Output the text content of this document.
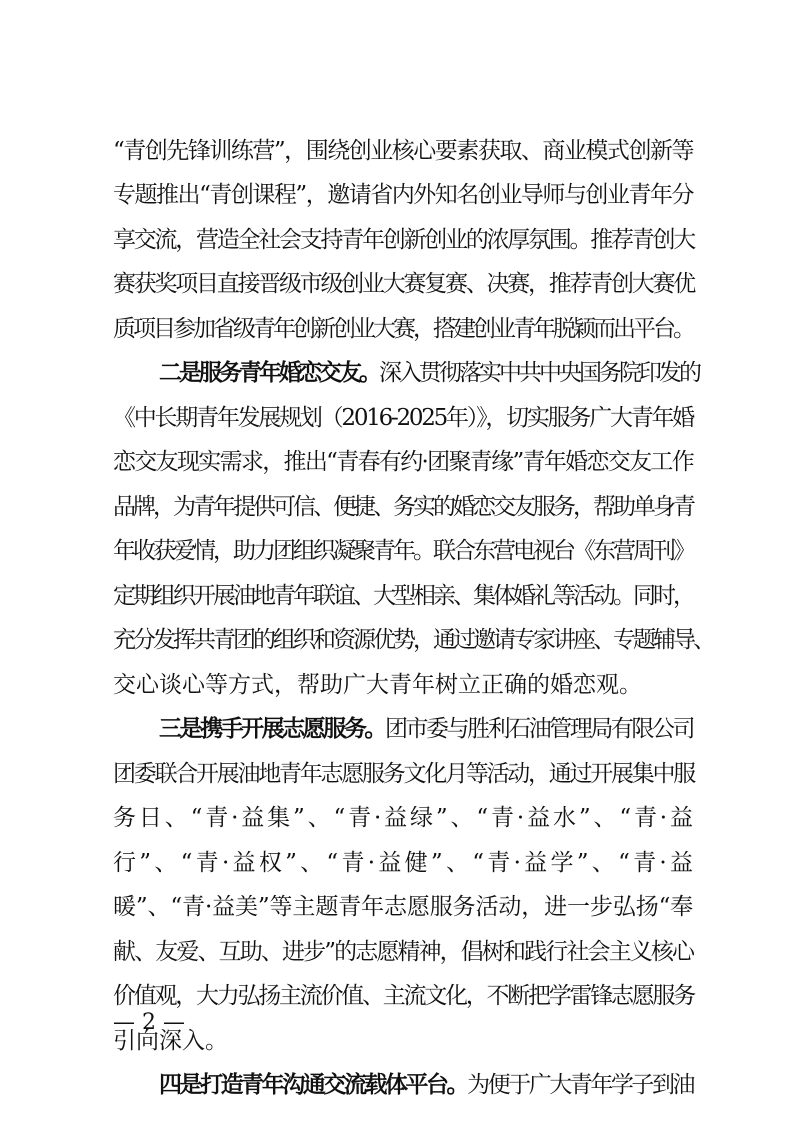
“青创先锋训练营”，围绕创业核心要素获取、商业模式创新等
专题推出“青创课程”，邀请省内外知名创业导师与创业青年分
享交流，营造全社会支持青年创新创业的浓厚氛围。推荐青创大
赛获奖项目直接晋级市级创业大赛复赛、决赛，推荐青创大赛优
质项目参加省级青年创新创业大赛，搭建创业青年脱颖而出平台。
二是服务青年婚恋交友。深入贯彻落实中共中央国务院印发的
《中长期青年发展规划（2016-2025年）》，切实服务广大青年婚
恋交友现实需求，推出“青春有约·团聚青缘”青年婚恋交友工作
品牌，为青年提供可信、便捷、务实的婚恋交友服务，帮助单身青
年收获爱情，助力团组织凝聚青年。联合东营电视台《东营周刊》
定期组织开展油地青年联谊、大型相亲、集体婚礼等活动。同时，
充分发挥共青团的组织和资源优势，通过邀请专家讲座、专题辅导、
交心谈心等方式，帮助广大青年树立正确的婚恋观。
三是携手开展志愿服务。团市委与胜利石油管理局有限公司
团委联合开展油地青年志愿服务文化月等活动，通过开展集中服
务日、“青·益集”、“青·益绿”、“青·益水”、“青·益
行”、“青·益权”、“青·益健”、“青·益学”、“青·益
暖”、“青·益美”等主题青年志愿服务活动，进一步弘扬“奉
献、友爱、互助、进步”的志愿精神，倡树和践行社会主义核心
价值观，大力弘扬主流价值、主流文化，不断把学雷锋志愿服务
引向深入。
四是打造青年沟通交流载体平台。为便于广大青年学子到油
— 2 —
